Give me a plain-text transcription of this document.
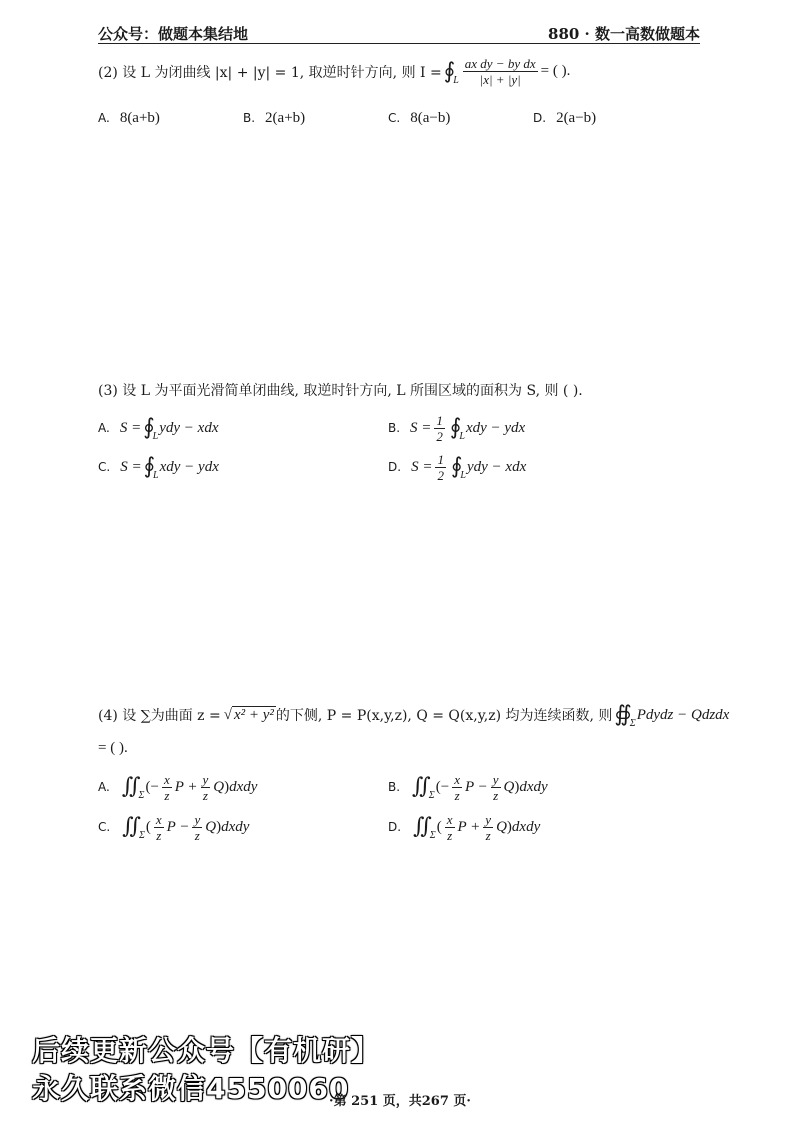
公众号：做题本集结地	880 · 数一高数做题本
(2) 设 L 为闭曲线 |x| + |y| = 1, 取逆时针方向, 则 I = ∮
L $\frac{\text{ax dy − by dx}}{|x| + |y|}$ = ( ).
A. 8(a+b)	B. 2(a+b)	C. 8(a−b)	D. 2(a−b)
(3) 设 L 为平面光滑简单闭曲线, 取逆时针方向, L 所围区域的面积为 S, 则 ( ).
A. S = ∮
L
ydy − xdx	B. $S = \frac{1}{2}$ ∮
L
xdy − ydx
C. S = ∮
L
xdy − ydx	D. $S = \frac{1}{2}$ ∮
L
ydy − xdx
(4) 设 ∑为曲面 z = √ x² + y² 的下侧, P = P(x,y,z), Q = Q(x,y,z) 均为连续函数, 则 ∯
Σ
Pdydz − Qdzdx
= ( ).
A. ∬
Σ
( − $\frac{x}{z}$ $P + \frac{y}{z}$ Q ) dxdy	B. ∬
Σ
( − $\frac{x}{z}$ $P - \frac{y}{z}$ Q ) dxdy
C. ∬
Σ
( $\frac{x}{z}$ $P - \frac{y}{z}$ Q ) dxdy	D. ∬
Σ
( $\frac{x}{z}$ $P + \frac{y}{z}$ Q ) dxdy
后续更新公众号【有机研】
永久联系微信4550060
·第 251 页，共267 页·
